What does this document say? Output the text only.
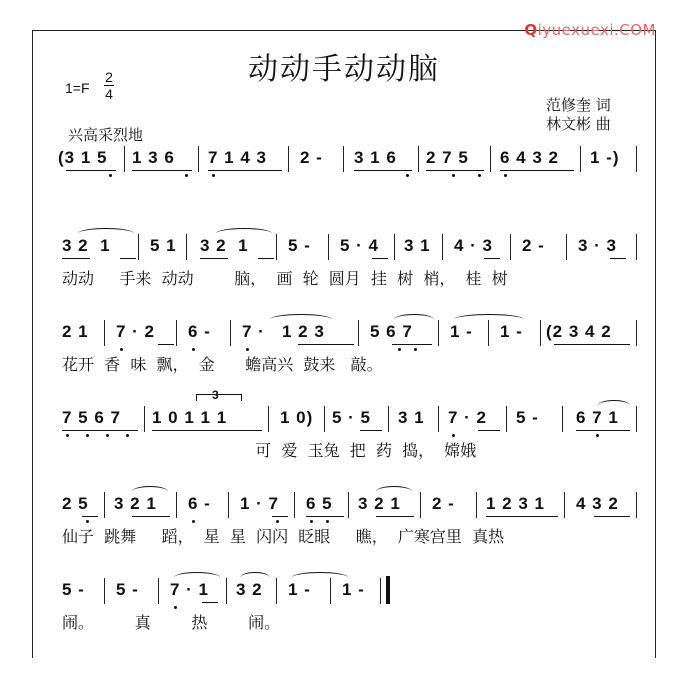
Qiyuexuexi.COM
动动手动动脑
1=F
2
4
兴高采烈地
范修奎 词
林文彬 曲
(3 1 5 1 3 6 7 1 4 3 2 - 3 1 6 2 7 5 6 4 3 2 1 -)
3 2  1 5 1 3 2  1 5 - 5 · 4 3 1 4 · 3 2 - 3 · 3
动动     手来  动动        脑，  画  轮  圆月  挂  树  梢，  桂  树
2 1 7 · 2 6 - 7 ·   1 2 3	5 6 7 1 - 1 - (2 3 4 2
花开  香  味  飘，  金      蟾高兴  鼓来   敲。
3
7 5 6 7 1 0 1 1 1	1 0) 5 · 5 3 1 7 · 2 5 - 6 7 1
可  爱  玉兔  把  药  捣，  嫦娥
2 5 3 2 1 6 - 1 · 7 6 5 3 2 1 2 - 1 2 3 1 4 3 2
仙子  跳舞     蹈，  星  星  闪闪  眨眼     瞧，  广寒宫里  真热
5 - 5 - 7 · 1 3 2 1 - 1 -
闹。        真        热        闹。
